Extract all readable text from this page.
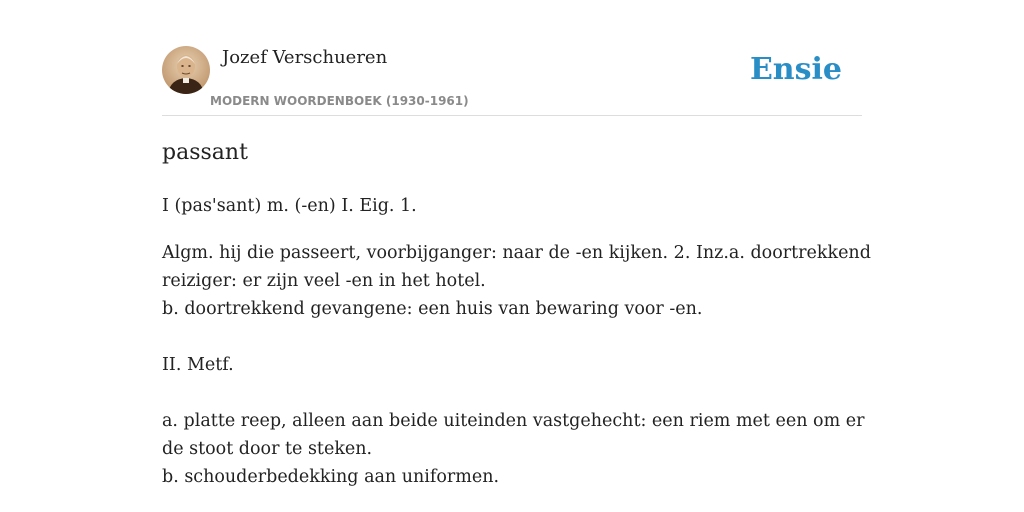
Jozef Verschueren
MODERN WOORDENBOEK (1930-1961)
Ensie
passant
I (pas'sant) m. (-en) I. Eig. 1.
Algm. hij die passeert, voorbijganger: naar de -en kijken. 2. Inz.a. doortrekkend
reiziger: er zijn veel -en in het hotel.
b. doortrekkend gevangene: een huis van bewaring voor -en.
II. Metf.
a. platte reep, alleen aan beide uiteinden vastgehecht: een riem met een om er
de stoot door te steken.
b. schouderbedekking aan uniformen.
